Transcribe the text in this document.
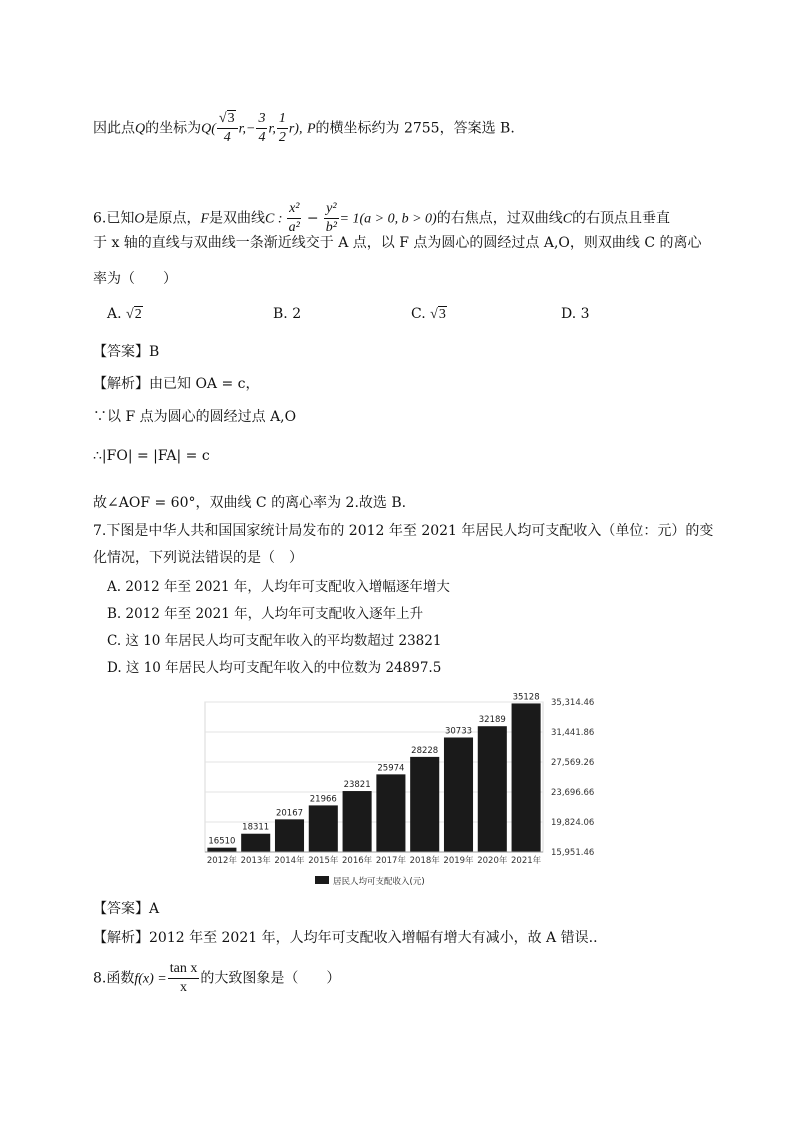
因此点Q的坐标为$Q( \frac{√3}{4} r,- \frac{3}{4} r$, $\frac{1}{2} r$), P的横坐标约为 2755，答案选 B.
6.已知O是原点，F是双曲线C : $\frac{\text{x²}}{\text{a²}} - \frac{\text{y²}}{\text{b²}} = 1(a > 0$, b > 0)的右焦点，过双曲线C的右顶点且垂直
于 x 轴的直线与双曲线一条渐近线交于 A 点，以 F 点为圆心的圆经过点 A,O，则双曲线 C 的离心
率为（　　）
A. √2	B. 2	C. √3	D. 3
【答案】B
【解析】由已知 OA = c，
∵以 F 点为圆心的圆经过点 A,O
∴|FO| = |FA| = c
故∠AOF = 60°，双曲线 C 的离心率为 2.故选 B.
7.下图是中华人共和国国家统计局发布的 2012 年至 2021 年居民人均可支配收入（单位：元）的变
化情况，下列说法错误的是（　）
A. 2012 年至 2021 年，人均年可支配收入增幅逐年增大
B. 2012 年至 2021 年，人均年可支配收入逐年上升
C. 这 10 年居民人均可支配年收入的平均数超过 23821
D. 这 10 年居民人均可支配年收入的中位数为 24897.5
35,314.46
31,441.86
27,569.26
23,696.66
19,824.06
15,951.46
16510
2012年
18311
2013年
20167
2014年
21966
2015年
23821
2016年
25974
2017年
28228
2018年
30733
2019年
32189
2020年
35128
2021年
居民人均可支配收入(元)
【答案】A
【解析】2012 年至 2021 年，人均年可支配收入增幅有增大有减小，故 A 错误..
8.函数$f(x) = \frac{\text{tan x}}{x}$ 的大致图象是（　　）
